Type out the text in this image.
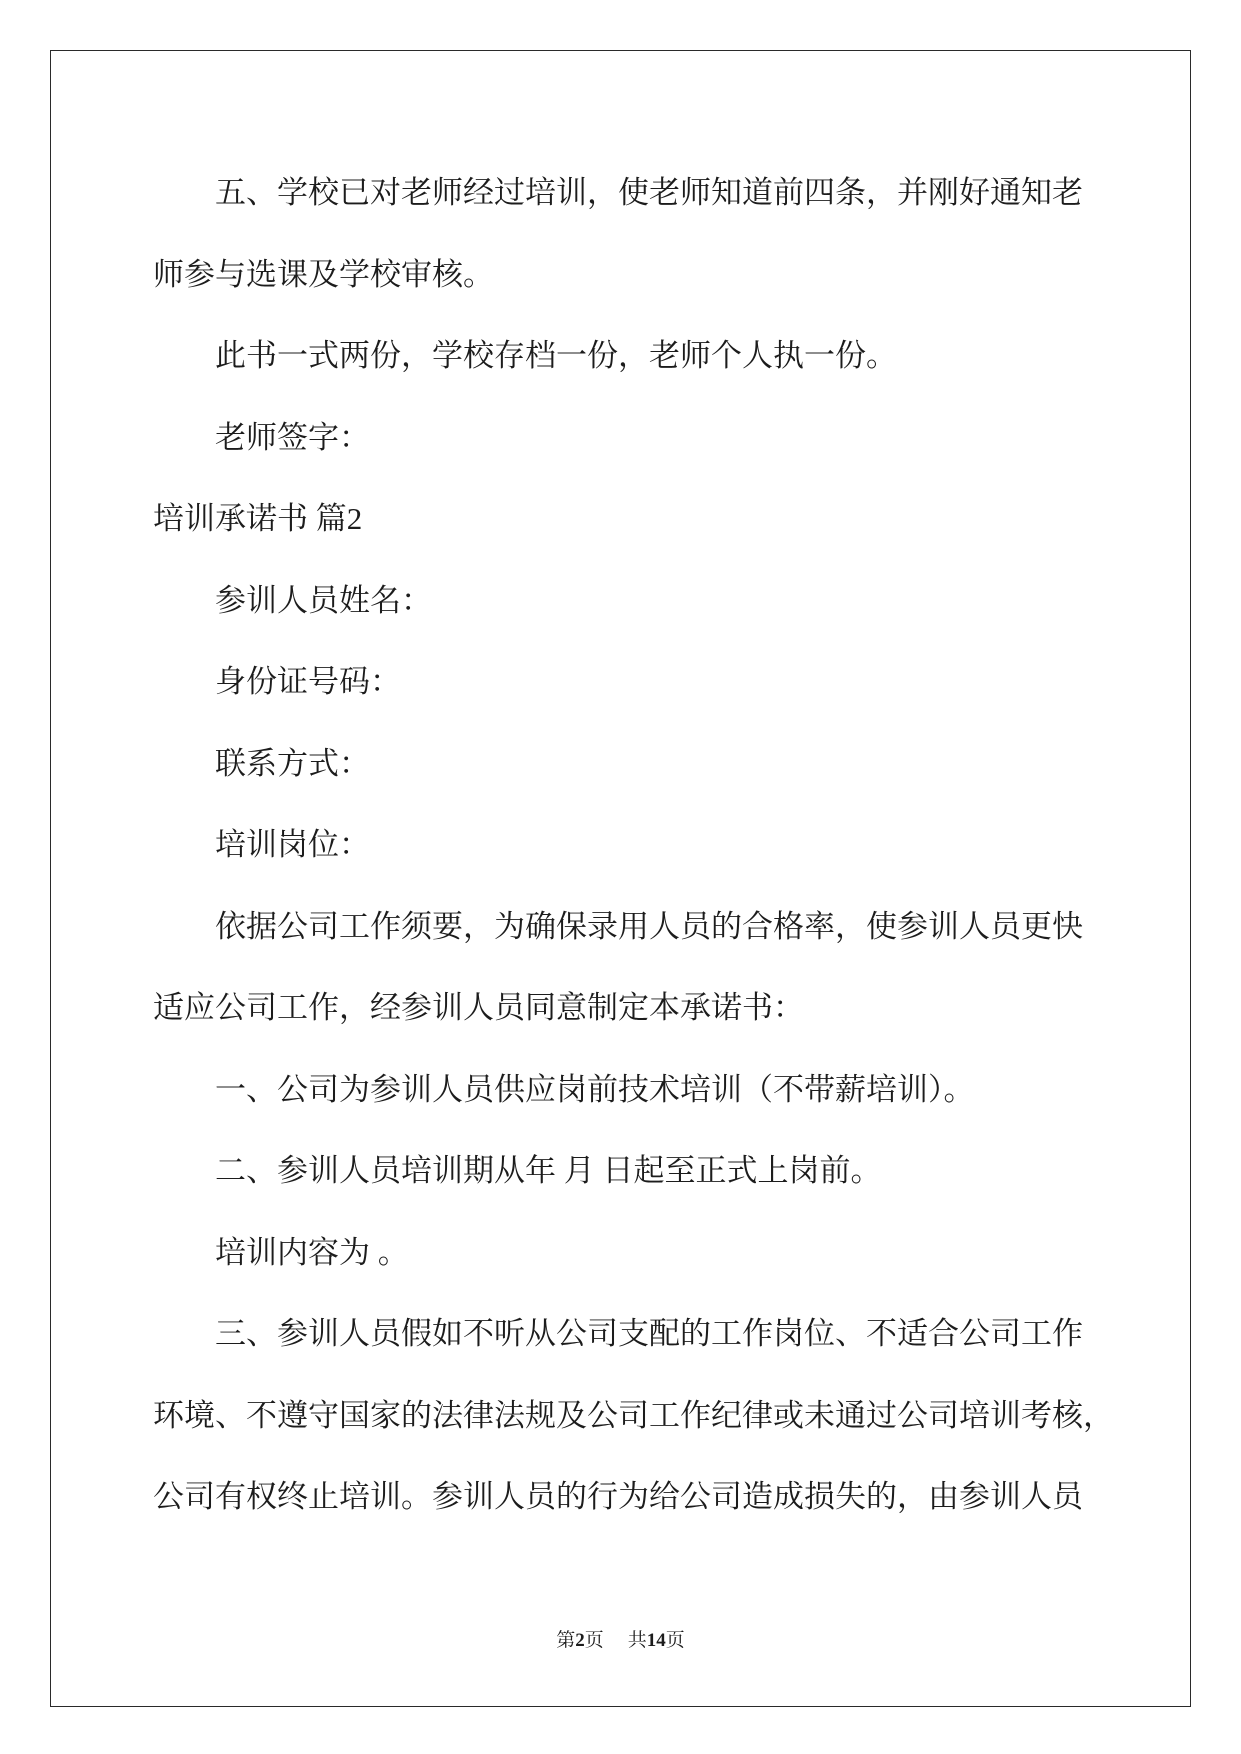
五、学校已对老师经过培训，使老师知道前四条，并刚好通知老
师参与选课及学校审核。
此书一式两份，学校存档一份，老师个人执一份。
老师签字：
培训承诺书 篇2
参训人员姓名：
身份证号码：
联系方式：
培训岗位：
依据公司工作须要，为确保录用人员的合格率，使参训人员更快
适应公司工作，经参训人员同意制定本承诺书：
一、公司为参训人员供应岗前技术培训（不带薪培训）。
二、参训人员培训期从年 月 日起至正式上岗前。
培训内容为 。
三、参训人员假如不听从公司支配的工作岗位、不适合公司工作
环境、不遵守国家的法律法规及公司工作纪律或未通过公司培训考核，
公司有权终止培训。参训人员的行为给公司造成损失的，由参训人员
第2页 共14页
